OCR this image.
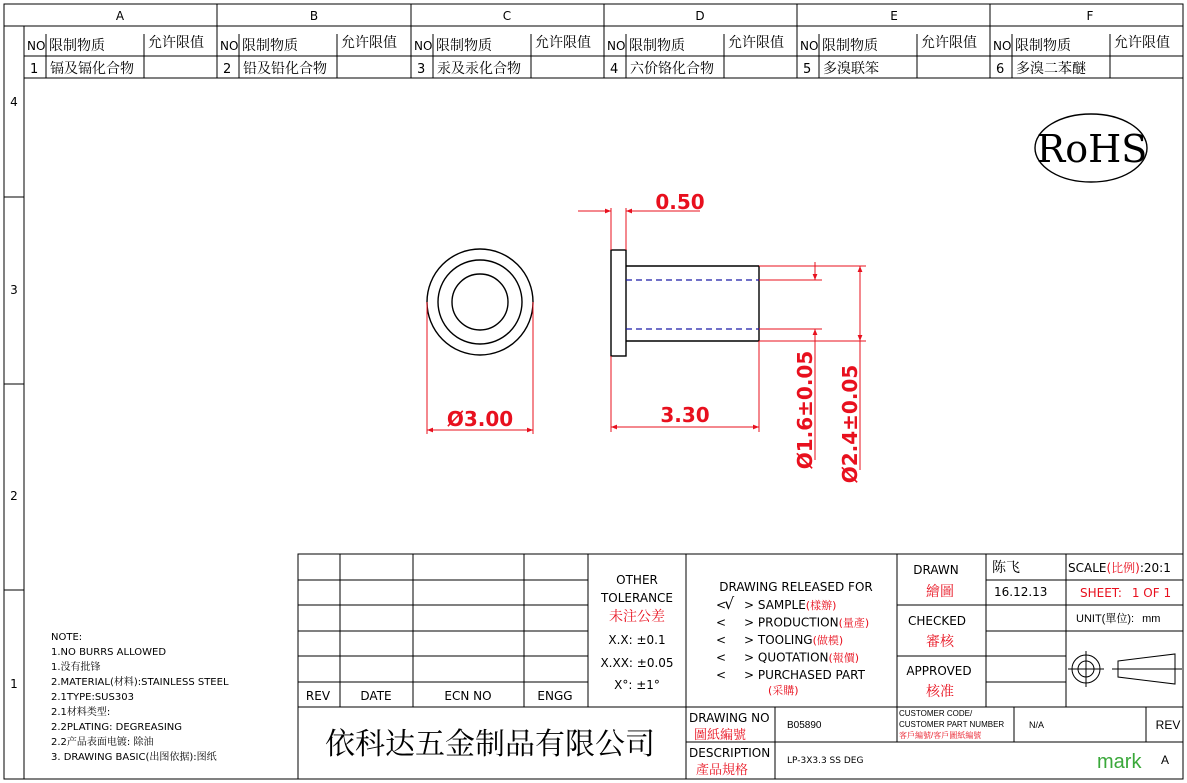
A	B	C	D	E	F
4
3
2
1
NO 限制物质	允许限值
1 镉及镉化合物
NO 限制物质	允许限值
2 铅及铅化合物
NO 限制物质	允许限值
3 汞及汞化合物
NO 限制物质	允许限值
4 六价铬化合物
NO 限制物质	允许限值
5 多溴联笨
NO 限制物质	允许限值
6 多溴二苯醚
RoHS
0.50
Ø3.00	3.30	Ø1.6±0.05 Ø2.4±0.05
NOTE:
1.NO BURRS ALLOWED
1.没有批锋
2.MATERIAL(材料):STAINLESS STEEL
2.1TYPE:SUS303
2.1材料类型:
2.2PLATING: DEGREASING
2.2产品表面电镀: 除油
3. DRAWING BASIC(出图依据):图纸
REV	DATE	ECN NO	ENGG
OTHER
TOLERANCE
未注公差
X.X: ±0.1
X.XX: ±0.05
X°: ±1°
DRAWING RELEASED FOR
√
< > SAMPLE(樣辦)
< > PRODUCTION(量產)
< > TOOLING(做模)
< > QUOTATION(報價)
< > PURCHASED PART (采購)
DRAWN
繪圖
CHECKED
審核
APPROVED
核准
陈飞
16.12.13
SCALE(比例):20:1
SHEET: 1 OF 1
UNIT(單位): mm
依科达五金制品有限公司
DRAWING NO
圖紙編號
B05890
CUSTOMER CODE/
CUSTOMER PART NUMBER
客戶編號/客戶圖紙編號
N/A	REV
A
DESCRIPTION
產品規格
LP-3X3.3 SS DEG	mark
